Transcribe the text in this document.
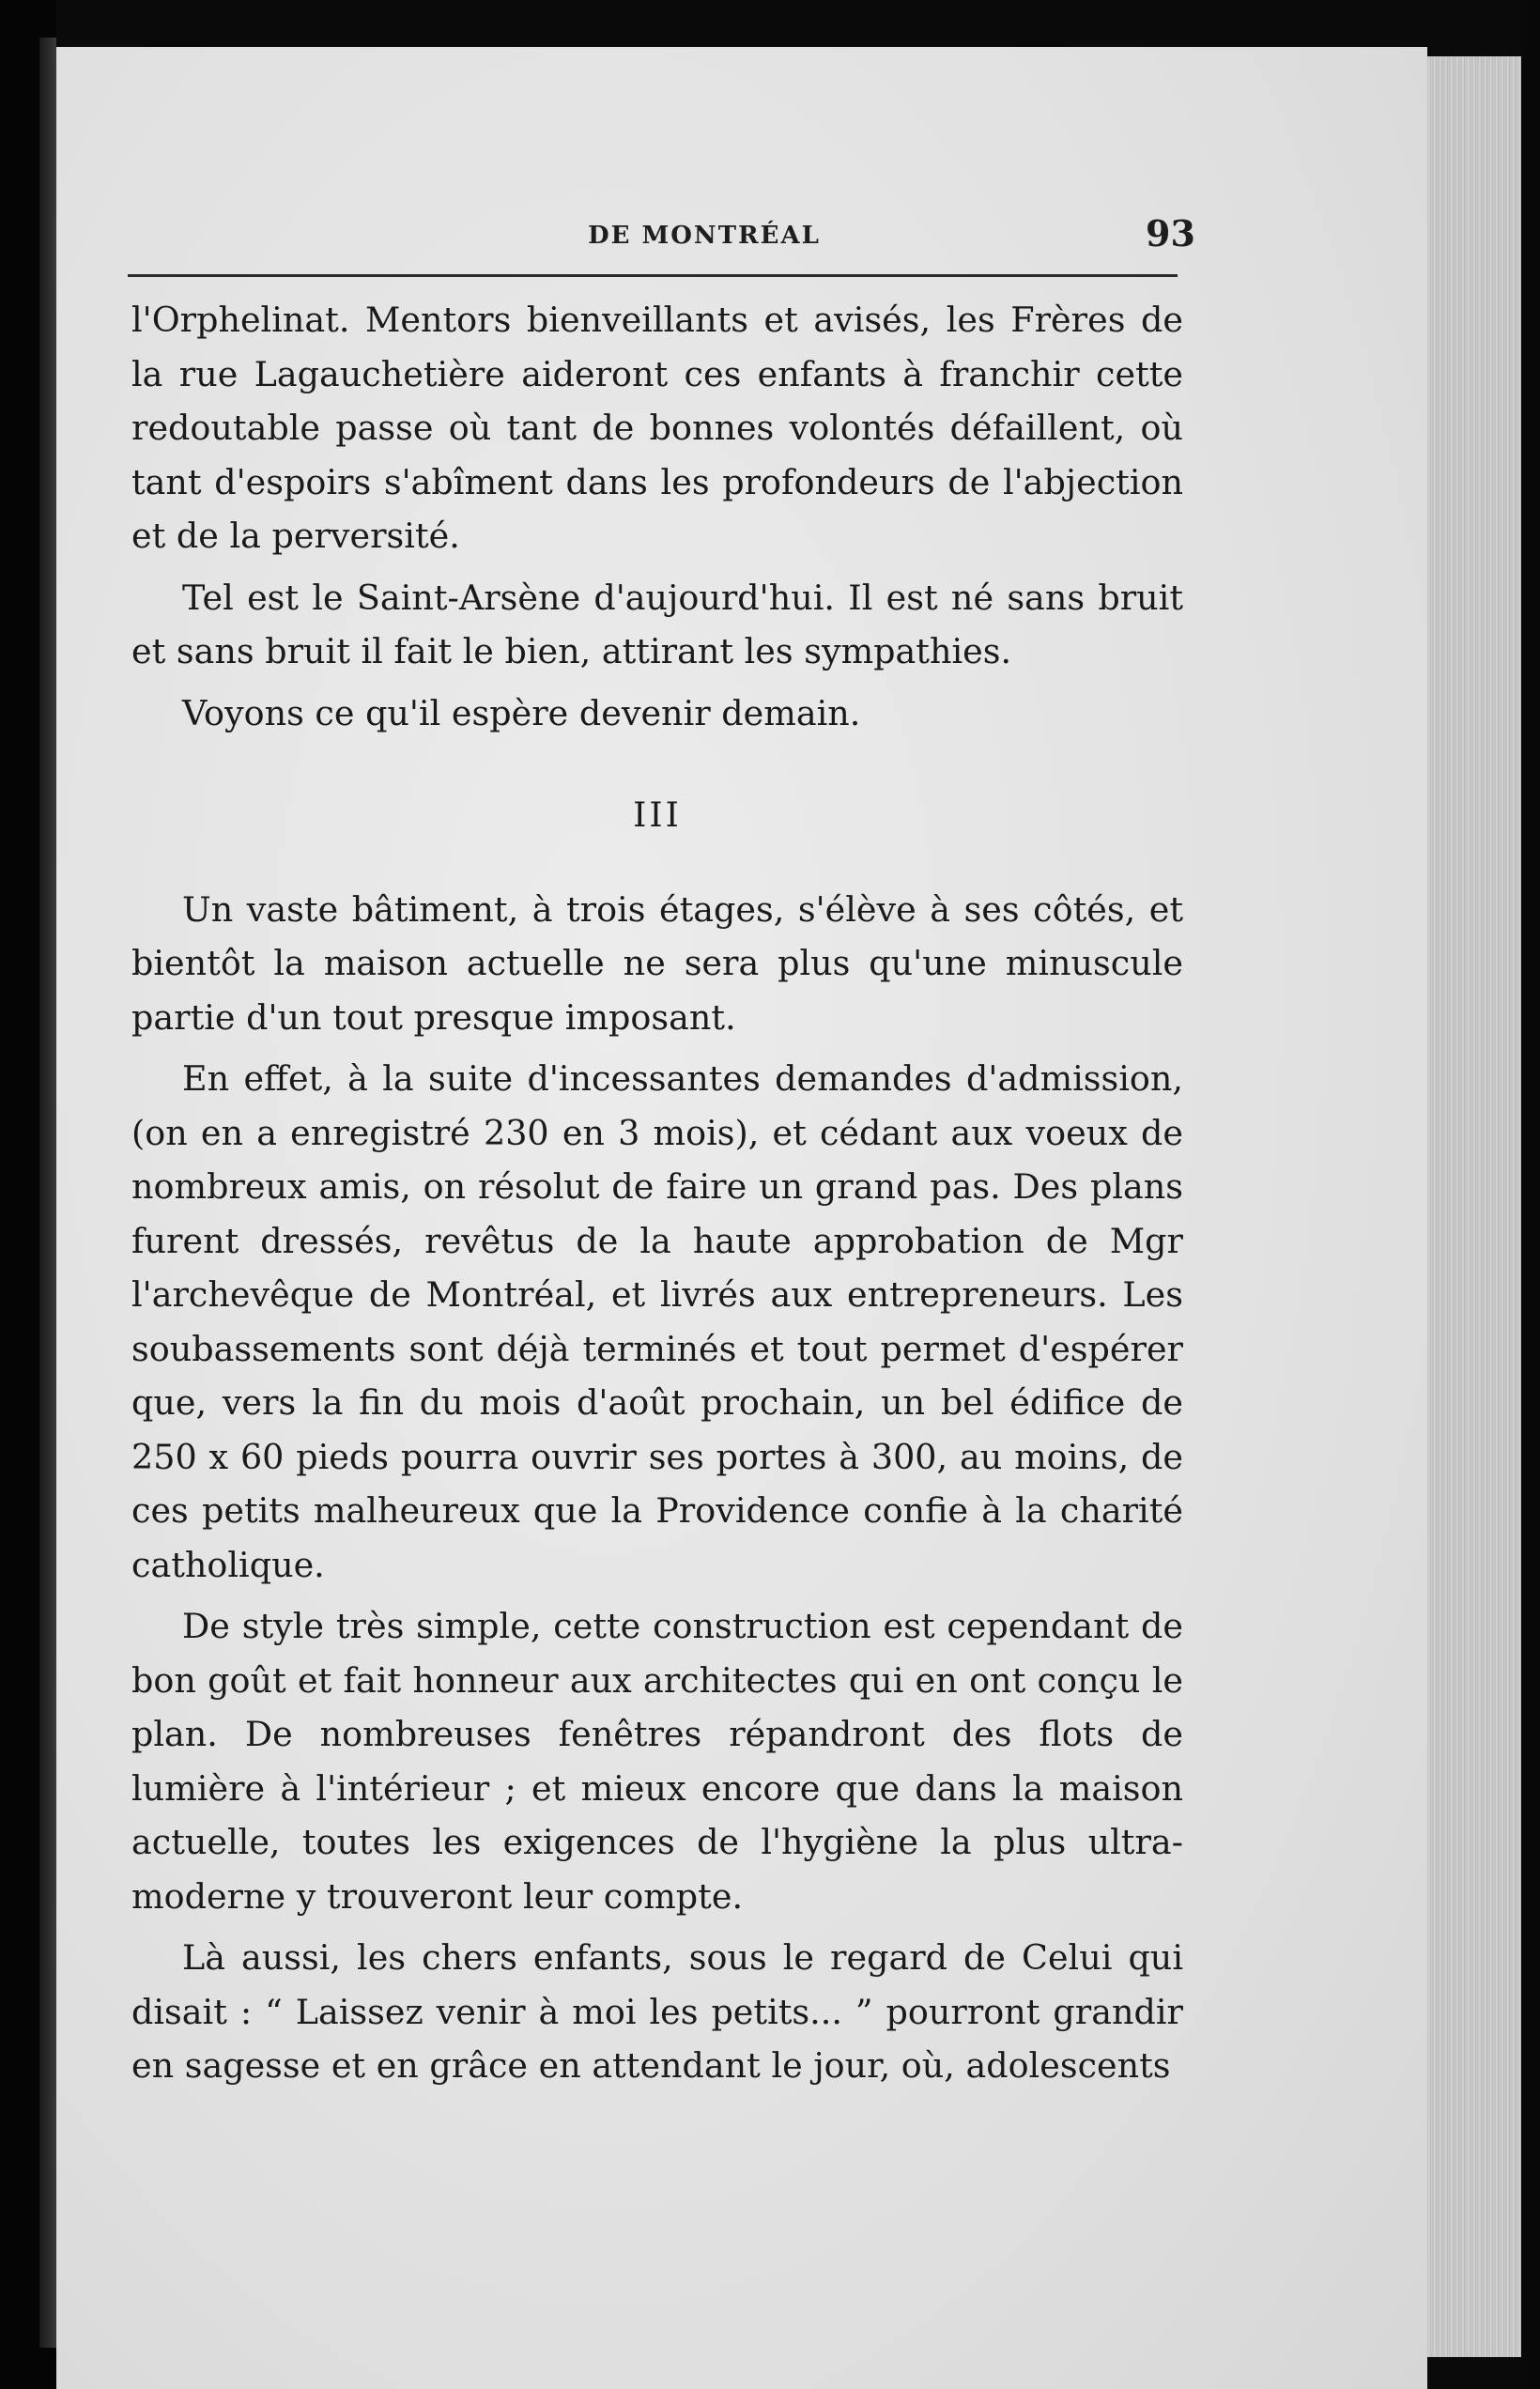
DE MONTRÉAL	93

l'Orphelinat. Mentors bienveillants et avisés, les Frères de la rue Lagauchetière aideront ces enfants à franchir cette redoutable passe où tant de bonnes volontés défaillent, où tant d'espoirs s'abîment dans les profondeurs de l'abjection et de la perversité.

Tel est le Saint-Arsène d'aujourd'hui. Il est né sans bruit et sans bruit il fait le bien, attirant les sympathies.

Voyons ce qu'il espère devenir demain.

III

Un vaste bâtiment, à trois étages, s'élève à ses côtés, et bientôt la maison actuelle ne sera plus qu'une minuscule partie d'un tout presque imposant.

En effet, à la suite d'incessantes demandes d'admission, (on en a enregistré 230 en 3 mois), et cédant aux voeux de nombreux amis, on résolut de faire un grand pas. Des plans furent dressés, revêtus de la haute approbation de Mgr l'archevêque de Montréal, et livrés aux entrepreneurs. Les soubassements sont déjà terminés et tout permet d'espérer que, vers la fin du mois d'août prochain, un bel édifice de 250 x 60 pieds pourra ouvrir ses portes à 300, au moins, de ces petits malheureux que la Providence confie à la charité catholique.

De style très simple, cette construction est cependant de bon goût et fait honneur aux architectes qui en ont conçu le plan. De nombreuses fenêtres répandront des flots de lumière à l'intérieur ; et mieux encore que dans la maison actuelle, toutes les exigences de l'hygiène la plus ultra-moderne y trouveront leur compte.

Là aussi, les chers enfants, sous le regard de Celui qui disait : “ Laissez venir à moi les petits... ” pourront grandir en sagesse et en grâce en attendant le jour, où, adolescents
